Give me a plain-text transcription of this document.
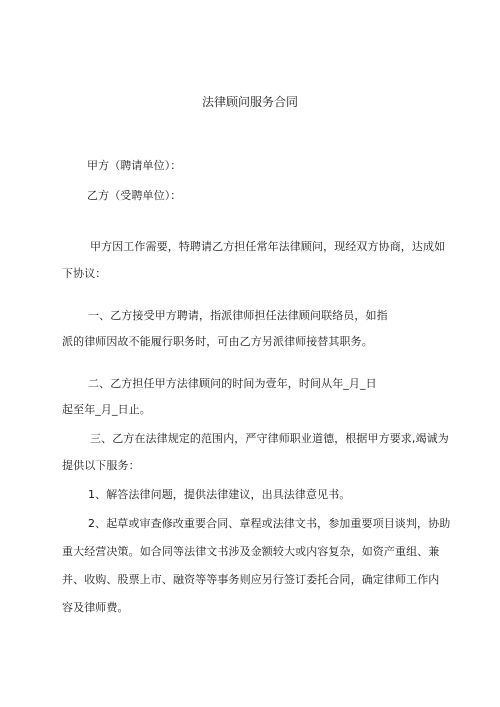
法律顾问服务合同
甲方（聘请单位）：
乙方（受聘单位）：
甲方因工作需要，特聘请乙方担任常年法律顾问，现经双方协商，达成如
下协议：
一、乙方接受甲方聘请，指派律师担任法律顾问联络员，如指
派的律师因故不能履行职务时，可由乙方另派律师接替其职务。
二、乙方担任甲方法律顾问的时间为壹年，时间从年_月_日
起至年_月_日止。
三、乙方在法律规定的范围内，严守律师职业道德，根据甲方要求,竭诚为
提供以下服务：
1、解答法律问题，提供法律建议，出具法律意见书。
2、起草或审查修改重要合同、章程或法律文书，参加重要项目谈判，协助
重大经营决策。如合同等法律文书涉及金额较大或内容复杂，如资产重组、兼
并、收购、股票上市、融资等等事务则应另行签订委托合同，确定律师工作内
容及律师费。
